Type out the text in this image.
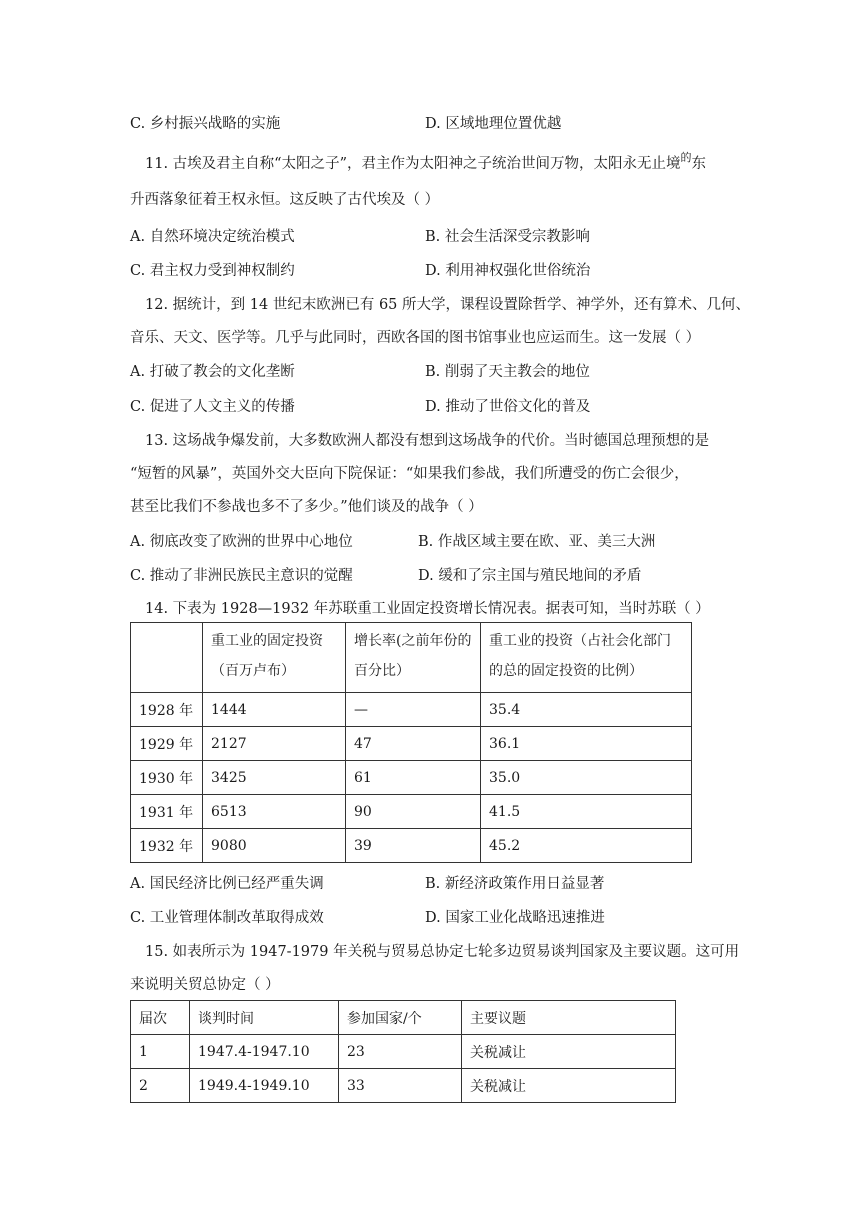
C. 乡村振兴战略的实施	D. 区域地理位置优越
11. 古埃及君主自称“太阳之子”，君主作为太阳神之子统治世间万物，太阳永无止境$^的$东
升西落象征着王权永恒。这反映了古代埃及（ ）
A. 自然环境决定统治模式	B. 社会生活深受宗教影响
C. 君主权力受到神权制约	D. 利用神权强化世俗统治
12. 据统计，到 14 世纪末欧洲已有 65 所大学，课程设置除哲学、神学外，还有算术、几何、
音乐、天文、医学等。几乎与此同时，西欧各国的图书馆事业也应运而生。这一发展（ ）
A. 打破了教会的文化垄断	B. 削弱了天主教会的地位
C. 促进了人文主义的传播	D. 推动了世俗文化的普及
13. 这场战争爆发前，大多数欧洲人都没有想到这场战争的代价。当时德国总理预想的是
“短暂的风暴”，英国外交大臣向下院保证：“如果我们参战，我们所遭受的伤亡会很少，
甚至比我们不参战也多不了多少。”他们谈及的战争（ ）
A. 彻底改变了欧洲的世界中心地位	B. 作战区域主要在欧、亚、美三大洲
C. 推动了非洲民族民主意识的觉醒	D. 缓和了宗主国与殖民地间的矛盾
14. 下表为 1928—1932 年苏联重工业固定投资增长情况表。据表可知，当时苏联（ ）
	重工业的固定投资（百万卢布）	增长率(之前年份的百分比）	重工业的投资（占社会化部门的总的固定投资的比例）
1928 年	1444	—	35.4
1929 年	2127	47	36.1
1930 年	3425	61	35.0
1931 年	6513	90	41.5
1932 年	9080	39	45.2
A. 国民经济比例已经严重失调	B. 新经济政策作用日益显著
C. 工业管理体制改革取得成效	D. 国家工业化战略迅速推进
15. 如表所示为 1947-1979 年关税与贸易总协定七轮多边贸易谈判国家及主要议题。这可用
来说明关贸总协定（ ）
届次	谈判时间	参加国家/个	主要议题
1	1947.4-1947.10	23	关税减让
2	1949.4-1949.10	33	关税减让
